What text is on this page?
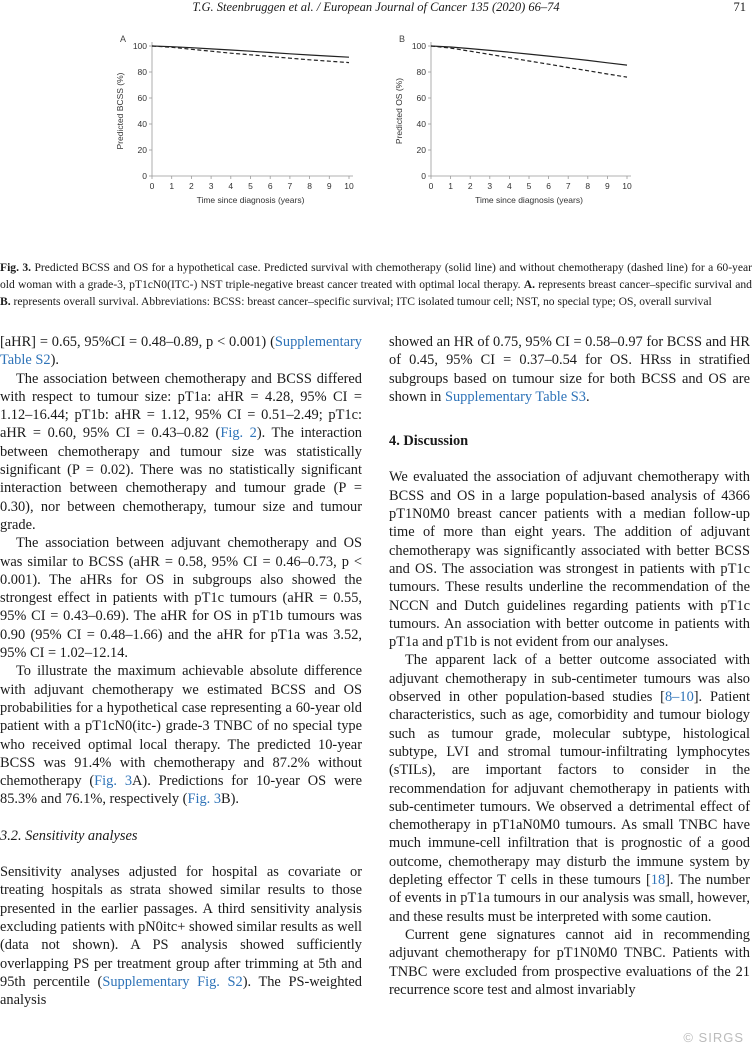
T.G. Steenbruggen et al. / European Journal of Cancer 135 (2020) 66–74	71
A
0
20
40
60
80
100
0 1 2 3 4 5 6 7 8 9 10
Time since diagnosis (years)
Predicted BCSS (%)
B
0
20
40
60
80
100
0 1 2 3 4 5 6 7 8 9 10
Time since diagnosis (years)
Predicted OS (%)
Fig. 3. Predicted BCSS and OS for a hypothetical case. Predicted survival with chemotherapy (solid line) and without chemotherapy (dashed line) for a 60-year old woman with a grade-3, pT1cN0(ITC-) NST triple-negative breast cancer treated with optimal local therapy. A. represents breast cancer–specific survival and B. represents overall survival. Abbreviations: BCSS: breast cancer–specific survival; ITC isolated tumour cell; NST, no special type; OS, overall survival

[aHR] = 0.65, 95%CI = 0.48–0.89, p < 0.001) (Supplementary Table S2).

The association between chemotherapy and BCSS differed with respect to tumour size: pT1a: aHR = 4.28, 95% CI = 1.12–16.44; pT1b: aHR = 1.12, 95% CI = 0.51–2.49; pT1c: aHR = 0.60, 95% CI = 0.43–0.82 (Fig. 2). The interaction between chemotherapy and tumour size was statistically significant (P = 0.02). There was no statistically significant interaction between chemotherapy and tumour grade (P = 0.30), nor between chemotherapy, tumour size and tumour grade.

The association between adjuvant chemotherapy and OS was similar to BCSS (aHR = 0.58, 95% CI = 0.46–0.73, p < 0.001). The aHRs for OS in subgroups also showed the strongest effect in patients with pT1c tumours (aHR = 0.55, 95% CI = 0.43–0.69). The aHR for OS in pT1b tumours was 0.90 (95% CI = 0.48–1.66) and the aHR for pT1a was 3.52, 95% CI = 1.02–12.14.

To illustrate the maximum achievable absolute difference with adjuvant chemotherapy we estimated BCSS and OS probabilities for a hypothetical case representing a 60-year old patient with a pT1cN0(itc-) grade-3 TNBC of no special type who received optimal local therapy. The predicted 10-year BCSS was 91.4% with chemotherapy and 87.2% without chemotherapy (Fig. 3A). Predictions for 10-year OS were 85.3% and 76.1%, respectively (Fig. 3B).

3.2. Sensitivity analyses

Sensitivity analyses adjusted for hospital as covariate or treating hospitals as strata showed similar results to those presented in the earlier passages. A third sensitivity analysis excluding patients with pN0itc+ showed similar results as well (data not shown). A PS analysis showed sufficiently overlapping PS per treatment group after trimming at 5th and 95th percentile (Supplementary Fig. S2). The PS-weighted analysis

showed an HR of 0.75, 95% CI = 0.58–0.97 for BCSS and HR of 0.45, 95% CI = 0.37–0.54 for OS. HRss in stratified subgroups based on tumour size for both BCSS and OS are shown in Supplementary Table S3.

4. Discussion

We evaluated the association of adjuvant chemotherapy with BCSS and OS in a large population-based analysis of 4366 pT1N0M0 breast cancer patients with a median follow-up time of more than eight years. The addition of adjuvant chemotherapy was significantly associated with better BCSS and OS. The association was strongest in patients with pT1c tumours. These results underline the recommendation of the NCCN and Dutch guidelines regarding patients with pT1c tumours. An association with better outcome in patients with pT1a and pT1b is not evident from our analyses.

The apparent lack of a better outcome associated with adjuvant chemotherapy in sub-centimeter tumours was also observed in other population-based studies [8–10]. Patient characteristics, such as age, comorbidity and tumour biology such as tumour grade, molecular subtype, histological subtype, LVI and stromal tumour-infiltrating lymphocytes (sTILs), are important factors to consider in the recommendation for adjuvant chemotherapy in patients with sub-centimeter tumours. We observed a detrimental effect of chemotherapy in pT1aN0M0 tumours. As small TNBC have much immune-cell infiltration that is prognostic of a good outcome, chemotherapy may disturb the immune system by depleting effector T cells in these tumours [18]. The number of events in pT1a tumours in our analysis was small, however, and these results must be interpreted with some caution.

Current gene signatures cannot aid in recommending adjuvant chemotherapy for pT1N0M0 TNBC. Patients with TNBC were excluded from prospective evaluations of the 21 recurrence score test and almost invariably

© SIRGS
